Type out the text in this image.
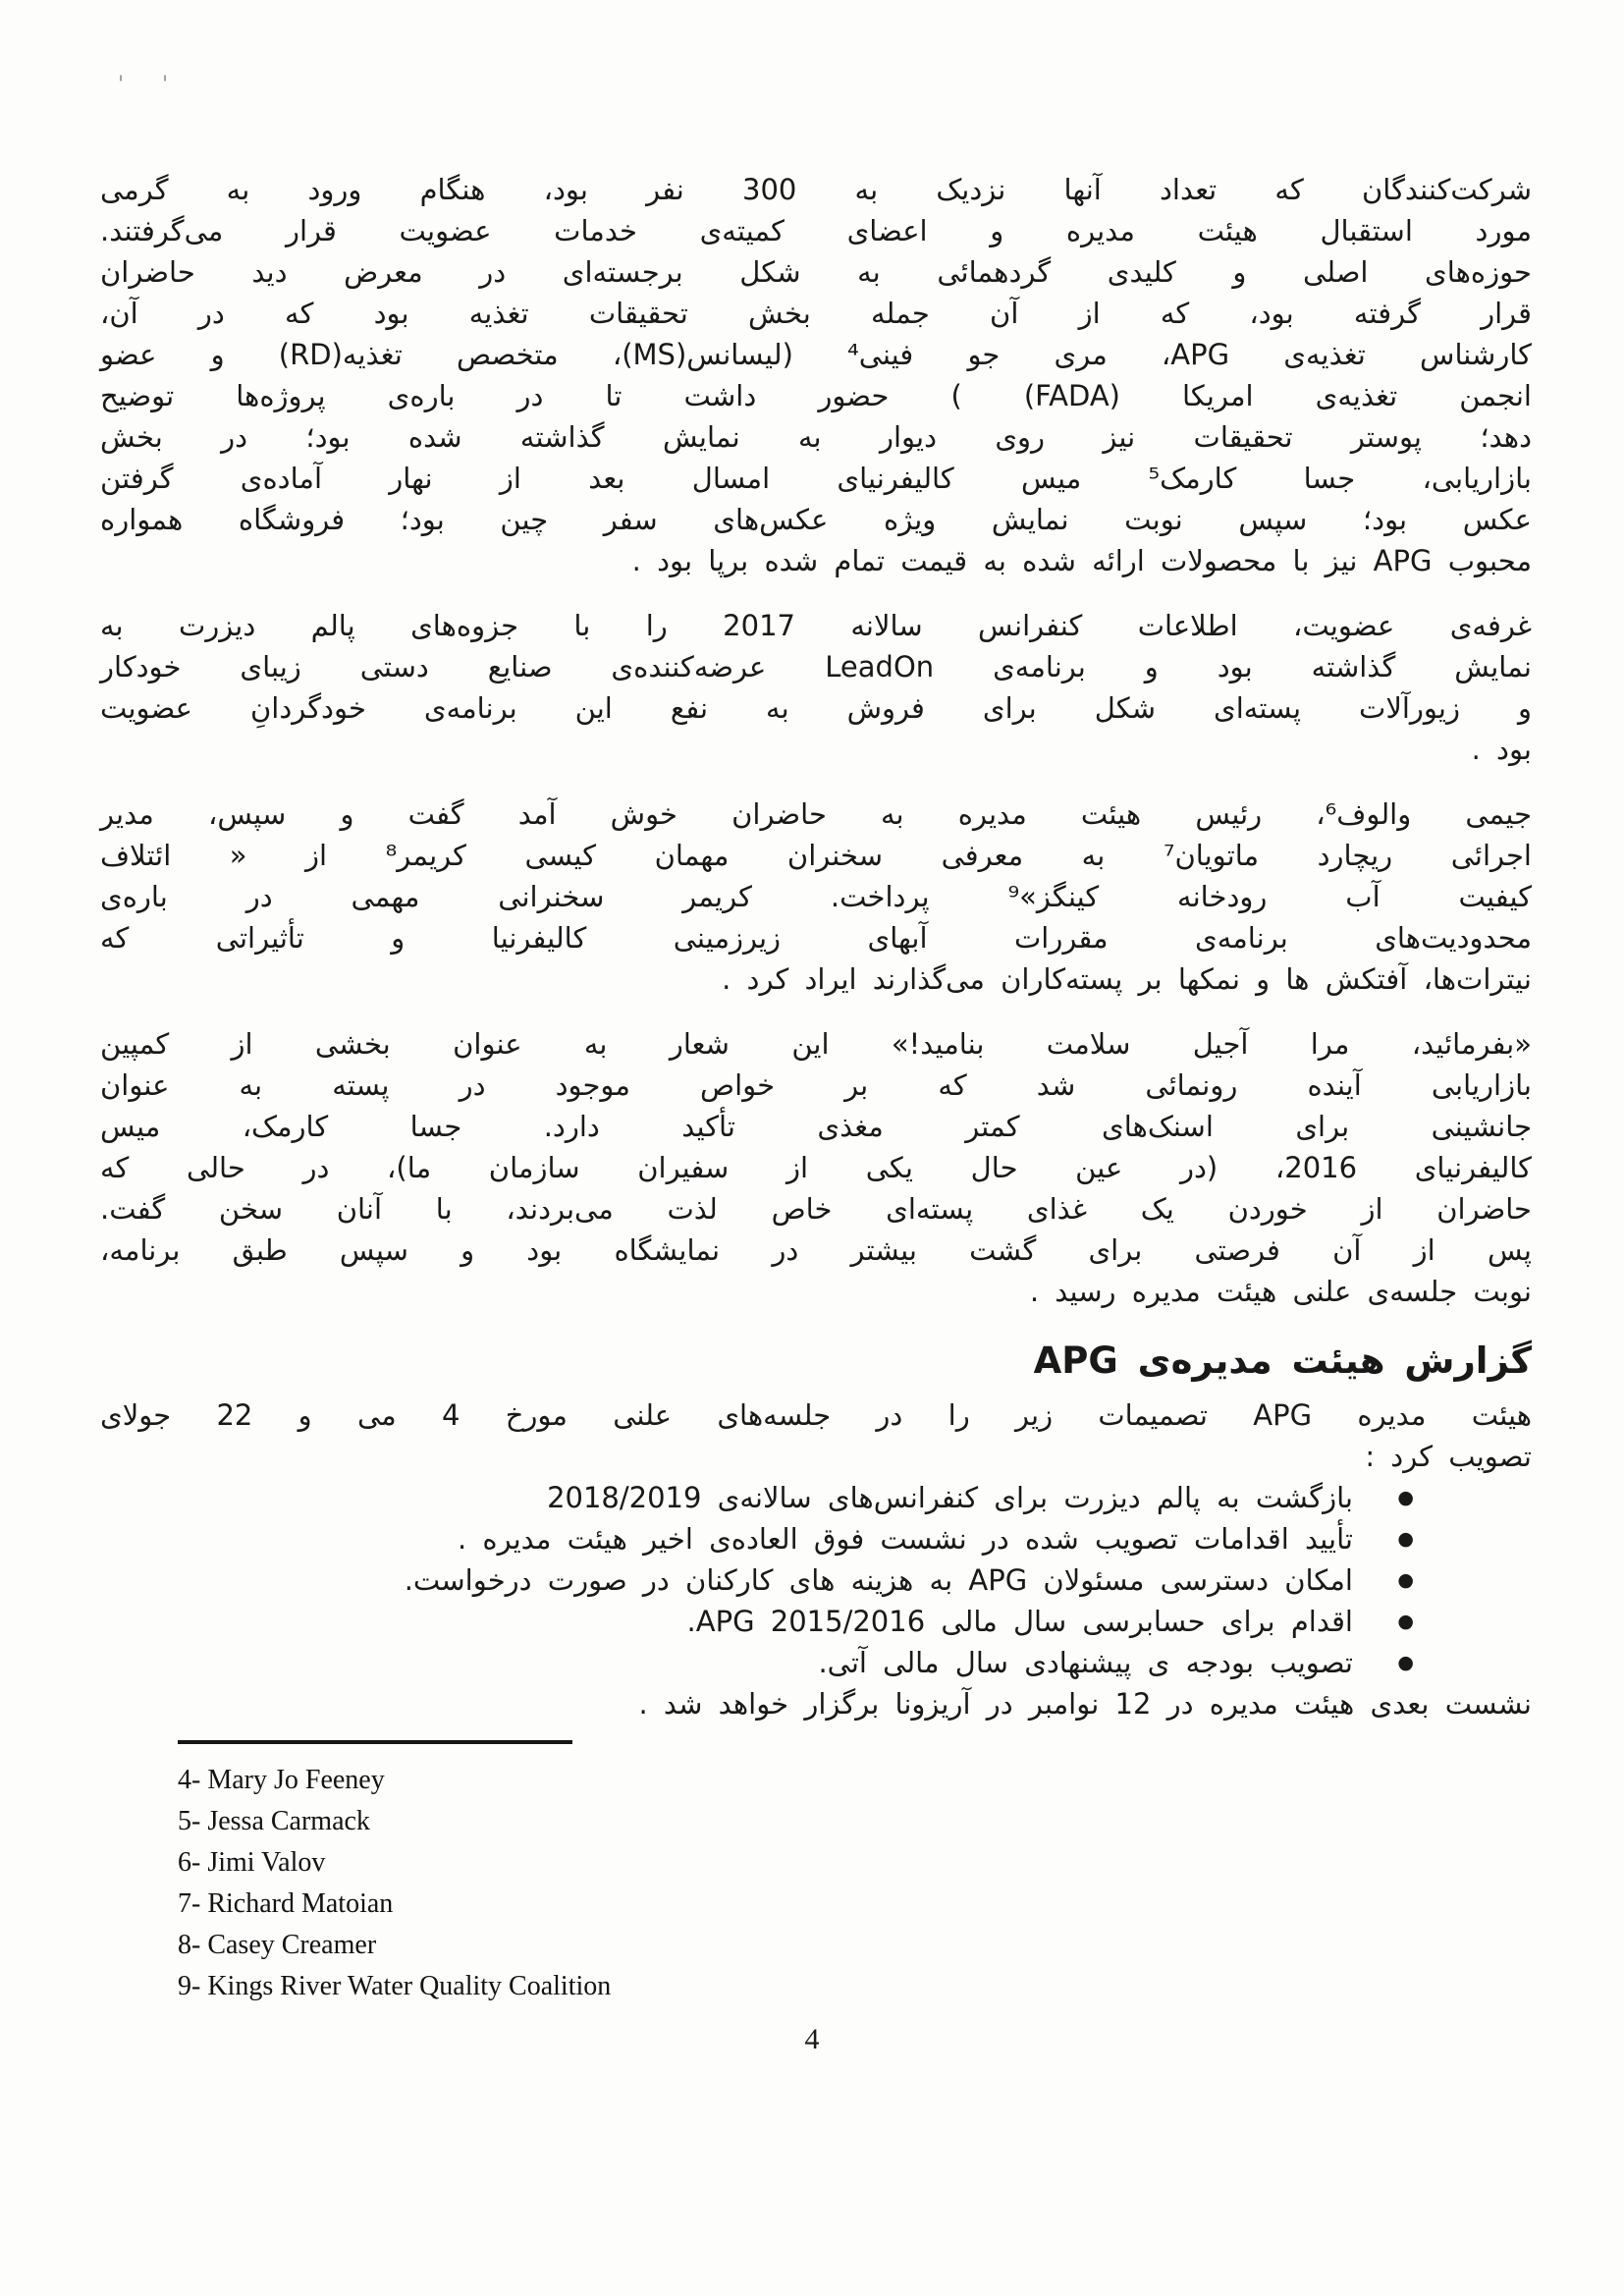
' '
شرکت‌کنندگان که تعداد آنها نزدیک به 300 نفر بود، هنگام ورود به گرمی
مورد استقبال هیئت مدیره و اعضای کمیته‌ی خدمات عضویت قرار می‌گرفتند.
حوزه‌های اصلی و کلیدی گردهمائی به شکل برجسته‌ای در معرض دید حاضران
قرار گرفته بود، که از آن جمله بخش تحقیقات تغذیه بود که در آن،
کارشناس تغذیه‌ی APG، مری جو فینی⁴ (لیسانس(MS)، متخصص تغذیه(RD) و عضو
انجمن تغذیه‌ی امریکا (FADA) ) حضور داشت تا در باره‌ی پروژه‌ها توضیح
دهد؛ پوستر تحقیقات نیز روی دیوار به نمایش گذاشته شده بود؛ در بخش
بازاریابی، جسا کارمک⁵ میس کالیفرنیای امسال بعد از نهار آماده‌ی گرفتن
عکس بود؛ سپس نوبت نمایش ویژه عکس‌های سفر چین بود؛ فروشگاه همواره
محبوب APG نیز با محصولات ارائه شده به قیمت تمام شده برپا بود .
غرفه‌ی عضویت، اطلاعات کنفرانس سالانه 2017 را با جزوه‌های پالم دیزرت به
نمایش گذاشته بود و برنامه‌ی LeadOn عرضه‌کننده‌ی صنایع دستی زیبای خودکار
و زیورآلات پسته‌ای شکل برای فروش به نفع این برنامه‌ی خودگردانِ عضویت
بود .
جیمی والوف⁶، رئیس هیئت مدیره به حاضران خوش آمد گفت و سپس، مدیر
اجرائی ریچارد ماتویان⁷ به معرفی سخنران مهمان کیسی کریمر⁸ از « ائتلاف
کیفیت آب رودخانه کینگز»⁹ پرداخت. کریمر سخنرانی مهمی در باره‌ی
محدودیت‌های برنامه‌ی مقررات آبهای زیرزمینی کالیفرنیا و تأثیراتی که
نیترات‌ها، آفتکش ها و نمکها بر پسته‌کاران می‌گذارند ایراد کرد .
«بفرمائید، مرا آجیل سلامت بنامید!» این شعار به عنوان بخشی از کمپین
بازاریابی آینده رونمائی شد که بر خواص موجود در پسته به عنوان
جانشینی برای اسنک‌های کمتر مغذی تأکید دارد. جسا کارمک، میس
کالیفرنیای 2016، (در عین حال یکی از سفیران سازمان ما)، در حالی که
حاضران از خوردن یک غذای پسته‌ای خاص لذت می‌بردند، با آنان سخن گفت.
پس از آن فرصتی برای گشت بیشتر در نمایشگاه بود و سپس طبق برنامه،
نوبت جلسه‌ی علنی هیئت مدیره رسید .
گزارش هیئت مدیره‌ی APG
هیئت مدیره APG تصمیمات زیر را در جلسه‌های علنی مورخ 4 می و 22 جولای
تصویب کرد :
●
بازگشت به پالم دیزرت برای کنفرانس‌های سالانه‌ی 2018/2019
●
تأیید اقدامات تصویب شده در نشست فوق العاده‌ی اخیر هیئت مدیره .
●
امکان دسترسی مسئولان APG به هزینه های کارکنان در صورت درخواست.
●
اقدام برای حسابرسی سال مالی APG 2015/2016.
●
تصویب بودجه ی پیشنهادی سال مالی آتی.
نشست بعدی هیئت مدیره در 12 نوامبر در آریزونا برگزار خواهد شد .
4- Mary Jo Feeney
5- Jessa Carmack
6- Jimi Valov
7- Richard Matoian
8- Casey Creamer
9- Kings River Water Quality Coalition
4
